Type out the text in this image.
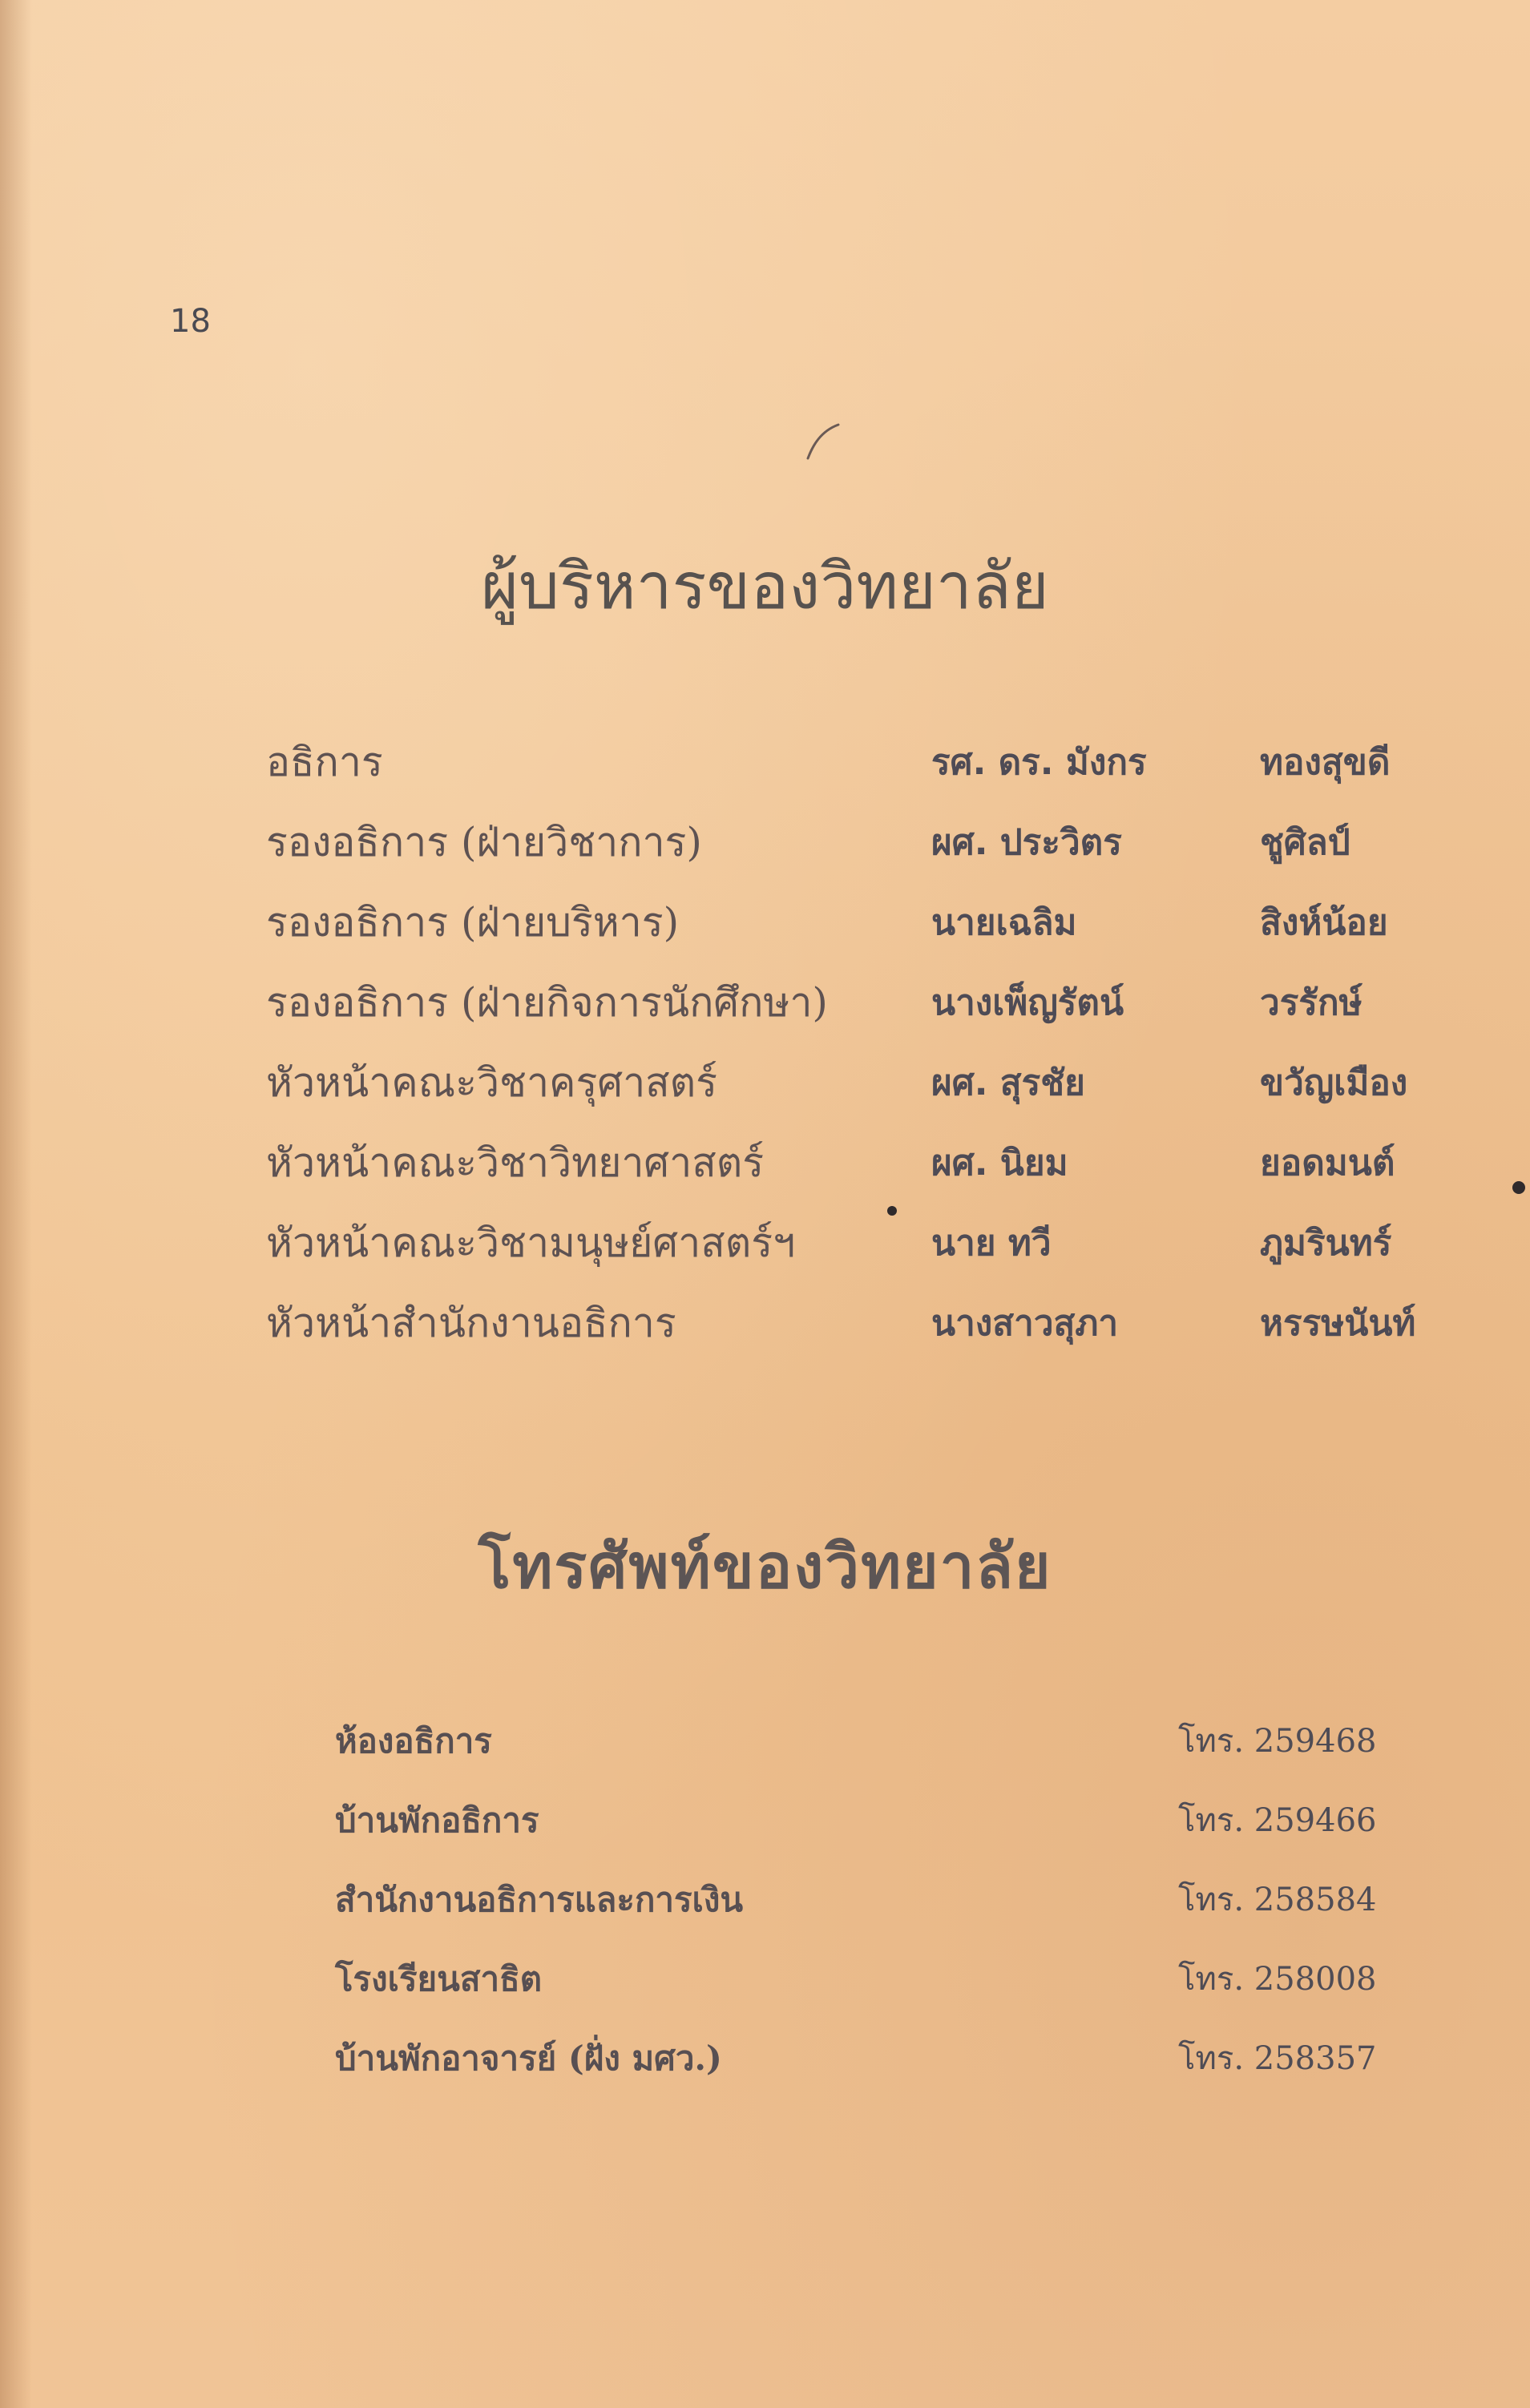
18
ผู้บริหารของวิทยาลัย
อธิการ	รศ. ดร. มังกร	ทองสุขดี
รองอธิการ (ฝ่ายวิชาการ)	ผศ. ประวิตร	ชูศิลป์
รองอธิการ (ฝ่ายบริหาร)	นายเฉลิม	สิงห์น้อย
รองอธิการ (ฝ่ายกิจการนักศึกษา)	นางเพ็ญรัตน์	วรรักษ์
หัวหน้าคณะวิชาครุศาสตร์	ผศ. สุรชัย	ขวัญเมือง
หัวหน้าคณะวิชาวิทยาศาสตร์	ผศ. นิยม	ยอดมนต์
หัวหน้าคณะวิชามนุษย์ศาสตร์ฯ	นาย ทวี	ภูมรินทร์
หัวหน้าสำนักงานอธิการ	นางสาวสุภา	หรรษนันท์
โทรศัพท์ของวิทยาลัย
ห้องอธิการ	โทร. 259468
บ้านพักอธิการ	โทร. 259466
สำนักงานอธิการและการเงิน	โทร. 258584
โรงเรียนสาธิต	โทร. 258008
บ้านพักอาจารย์ (ฝั่ง มศว.)	โทร. 258357
